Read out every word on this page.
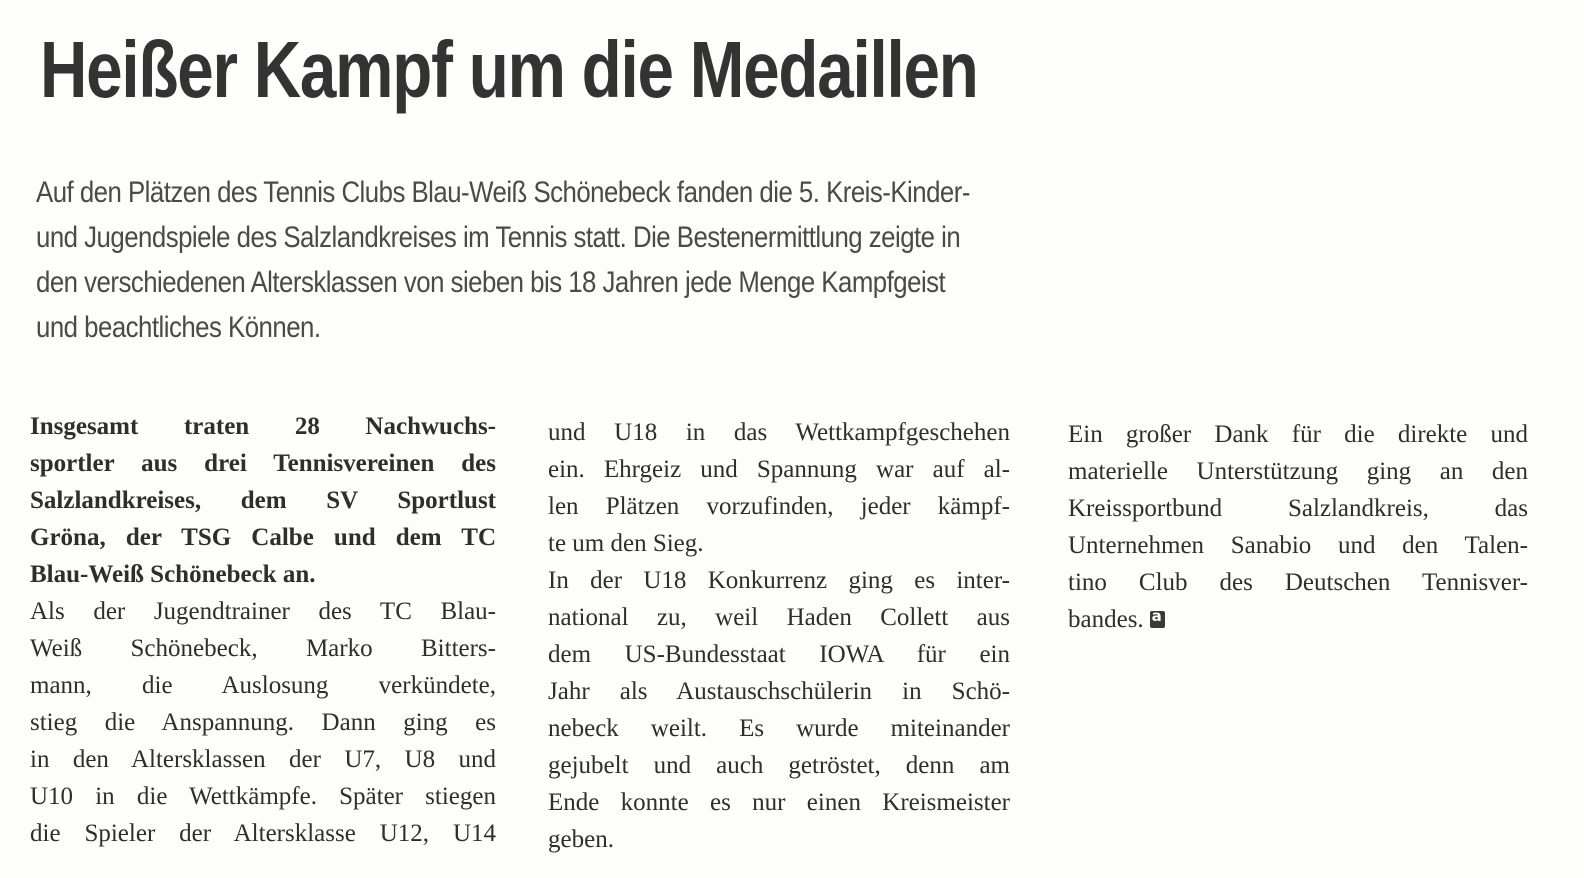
Heißer Kampf um die Medaillen

Auf den Plätzen des Tennis Clubs Blau-Weiß Schönebeck fanden die 5. Kreis-Kinder-
und Jugendspiele des Salzlandkreises im Tennis statt. Die Bestenermittlung zeigte in
den verschiedenen Altersklassen von sieben bis 18 Jahren jede Menge Kampfgeist
und beachtliches Können.

Insgesamt traten 28 Nachwuchs-
sportler aus drei Tennisvereinen des
Salzlandkreises, dem SV Sportlust
Gröna, der TSG Calbe und dem TC
Blau-Weiß Schönebeck an.
Als der Jugendtrainer des TC Blau-
Weiß Schönebeck, Marko Bitters-
mann, die Auslosung verkündete,
stieg die Anspannung. Dann ging es
in den Altersklassen der U7, U8 und
U10 in die Wettkämpfe. Später stiegen
die Spieler der Altersklasse U12, U14
und U18 in das Wettkampfgeschehen
ein. Ehrgeiz und Spannung war auf al-
len Plätzen vorzufinden, jeder kämpf-
te um den Sieg.
In der U18 Konkurrenz ging es inter-
national zu, weil Haden Collett aus
dem US-Bundesstaat IOWA für ein
Jahr als Austauschschülerin in Schö-
nebeck weilt. Es wurde miteinander
gejubelt und auch getröstet, denn am
Ende konnte es nur einen Kreismeister
geben.
Ein großer Dank für die direkte und
materielle Unterstützung ging an den
Kreissportbund Salzlandkreis, das
Unternehmen Sanabio und den Talen-
tino Club des Deutschen Tennisver-
bandes.a
